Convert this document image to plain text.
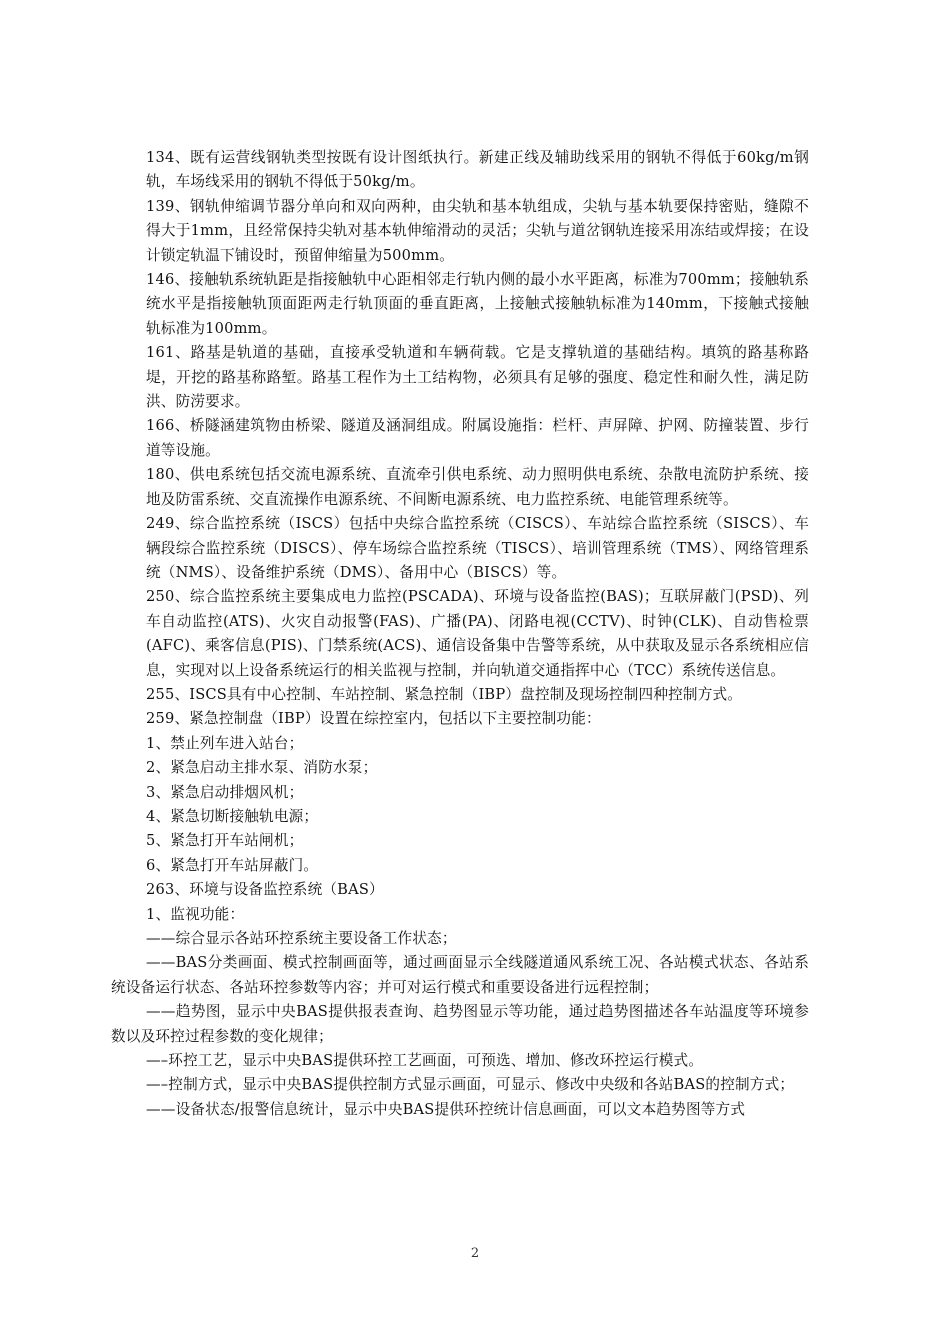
134、既有运营线钢轨类型按既有设计图纸执行。新建正线及辅助线采用的钢轨不得低于60kg/m钢轨，车场线采用的钢轨不得低于50kg/m。

139、钢轨伸缩调节器分单向和双向两种，由尖轨和基本轨组成，尖轨与基本轨要保持密贴，缝隙不得大于1mm，且经常保持尖轨对基本轨伸缩滑动的灵活；尖轨与道岔钢轨连接采用冻结或焊接；在设计锁定轨温下铺设时，预留伸缩量为500mm。

146、接触轨系统轨距是指接触轨中心距相邻走行轨内侧的最小水平距离，标准为700mm；接触轨系统水平是指接触轨顶面距两走行轨顶面的垂直距离，上接触式接触轨标准为140mm，下接触式接触轨标准为100mm。

161、路基是轨道的基础，直接承受轨道和车辆荷载。它是支撑轨道的基础结构。填筑的路基称路堤，开挖的路基称路堑。路基工程作为土工结构物，必须具有足够的强度、稳定性和耐久性，满足防洪、防涝要求。

166、桥隧涵建筑物由桥梁、隧道及涵洞组成。附属设施指：栏杆、声屏障、护网、防撞装置、步行道等设施。

180、供电系统包括交流电源系统、直流牵引供电系统、动力照明供电系统、杂散电流防护系统、接地及防雷系统、交直流操作电源系统、不间断电源系统、电力监控系统、电能管理系统等。

249、综合监控系统（ISCS）包括中央综合监控系统（CISCS）、车站综合监控系统（SISCS）、车辆段综合监控系统（DISCS）、停车场综合监控系统（TISCS）、培训管理系统（TMS）、网络管理系统（NMS）、设备维护系统（DMS）、备用中心（BISCS）等。

250、综合监控系统主要集成电力监控(PSCADA)、环境与设备监控(BAS)；互联屏蔽门(PSD)、列车自动监控(ATS)、火灾自动报警(FAS)、广播(PA)、闭路电视(CCTV)、时钟(CLK)、自动售检票(AFC)、乘客信息(PIS)、门禁系统(ACS)、通信设备集中告警等系统，从中获取及显示各系统相应信息，实现对以上设备系统运行的相关监视与控制，并向轨道交通指挥中心（TCC）系统传送信息。

255、ISCS具有中心控制、车站控制、紧急控制（IBP）盘控制及现场控制四种控制方式。

259、紧急控制盘（IBP）设置在综控室内，包括以下主要控制功能：

1、禁止列车进入站台；

2、紧急启动主排水泵、消防水泵；

3、紧急启动排烟风机；

4、紧急切断接触轨电源；

5、紧急打开车站闸机；

6、紧急打开车站屏蔽门。

263、环境与设备监控系统（BAS）

1、监视功能：

——综合显示各站环控系统主要设备工作状态；

——BAS分类画面、模式控制画面等，通过画面显示全线隧道通风系统工况、各站模式状态、各站系统设备运行状态、各站环控参数等内容；并可对运行模式和重要设备进行远程控制；

——趋势图，显示中央BAS提供报表查询、趋势图显示等功能，通过趋势图描述各车站温度等环境参数以及环控过程参数的变化规律；

—–环控工艺，显示中央BAS提供环控工艺画面，可预选、增加、修改环控运行模式。

—–控制方式，显示中央BAS提供控制方式显示画面，可显示、修改中央级和各站BAS的控制方式；

——设备状态/报警信息统计，显示中央BAS提供环控统计信息画面，可以文本趋势图等方式

2
